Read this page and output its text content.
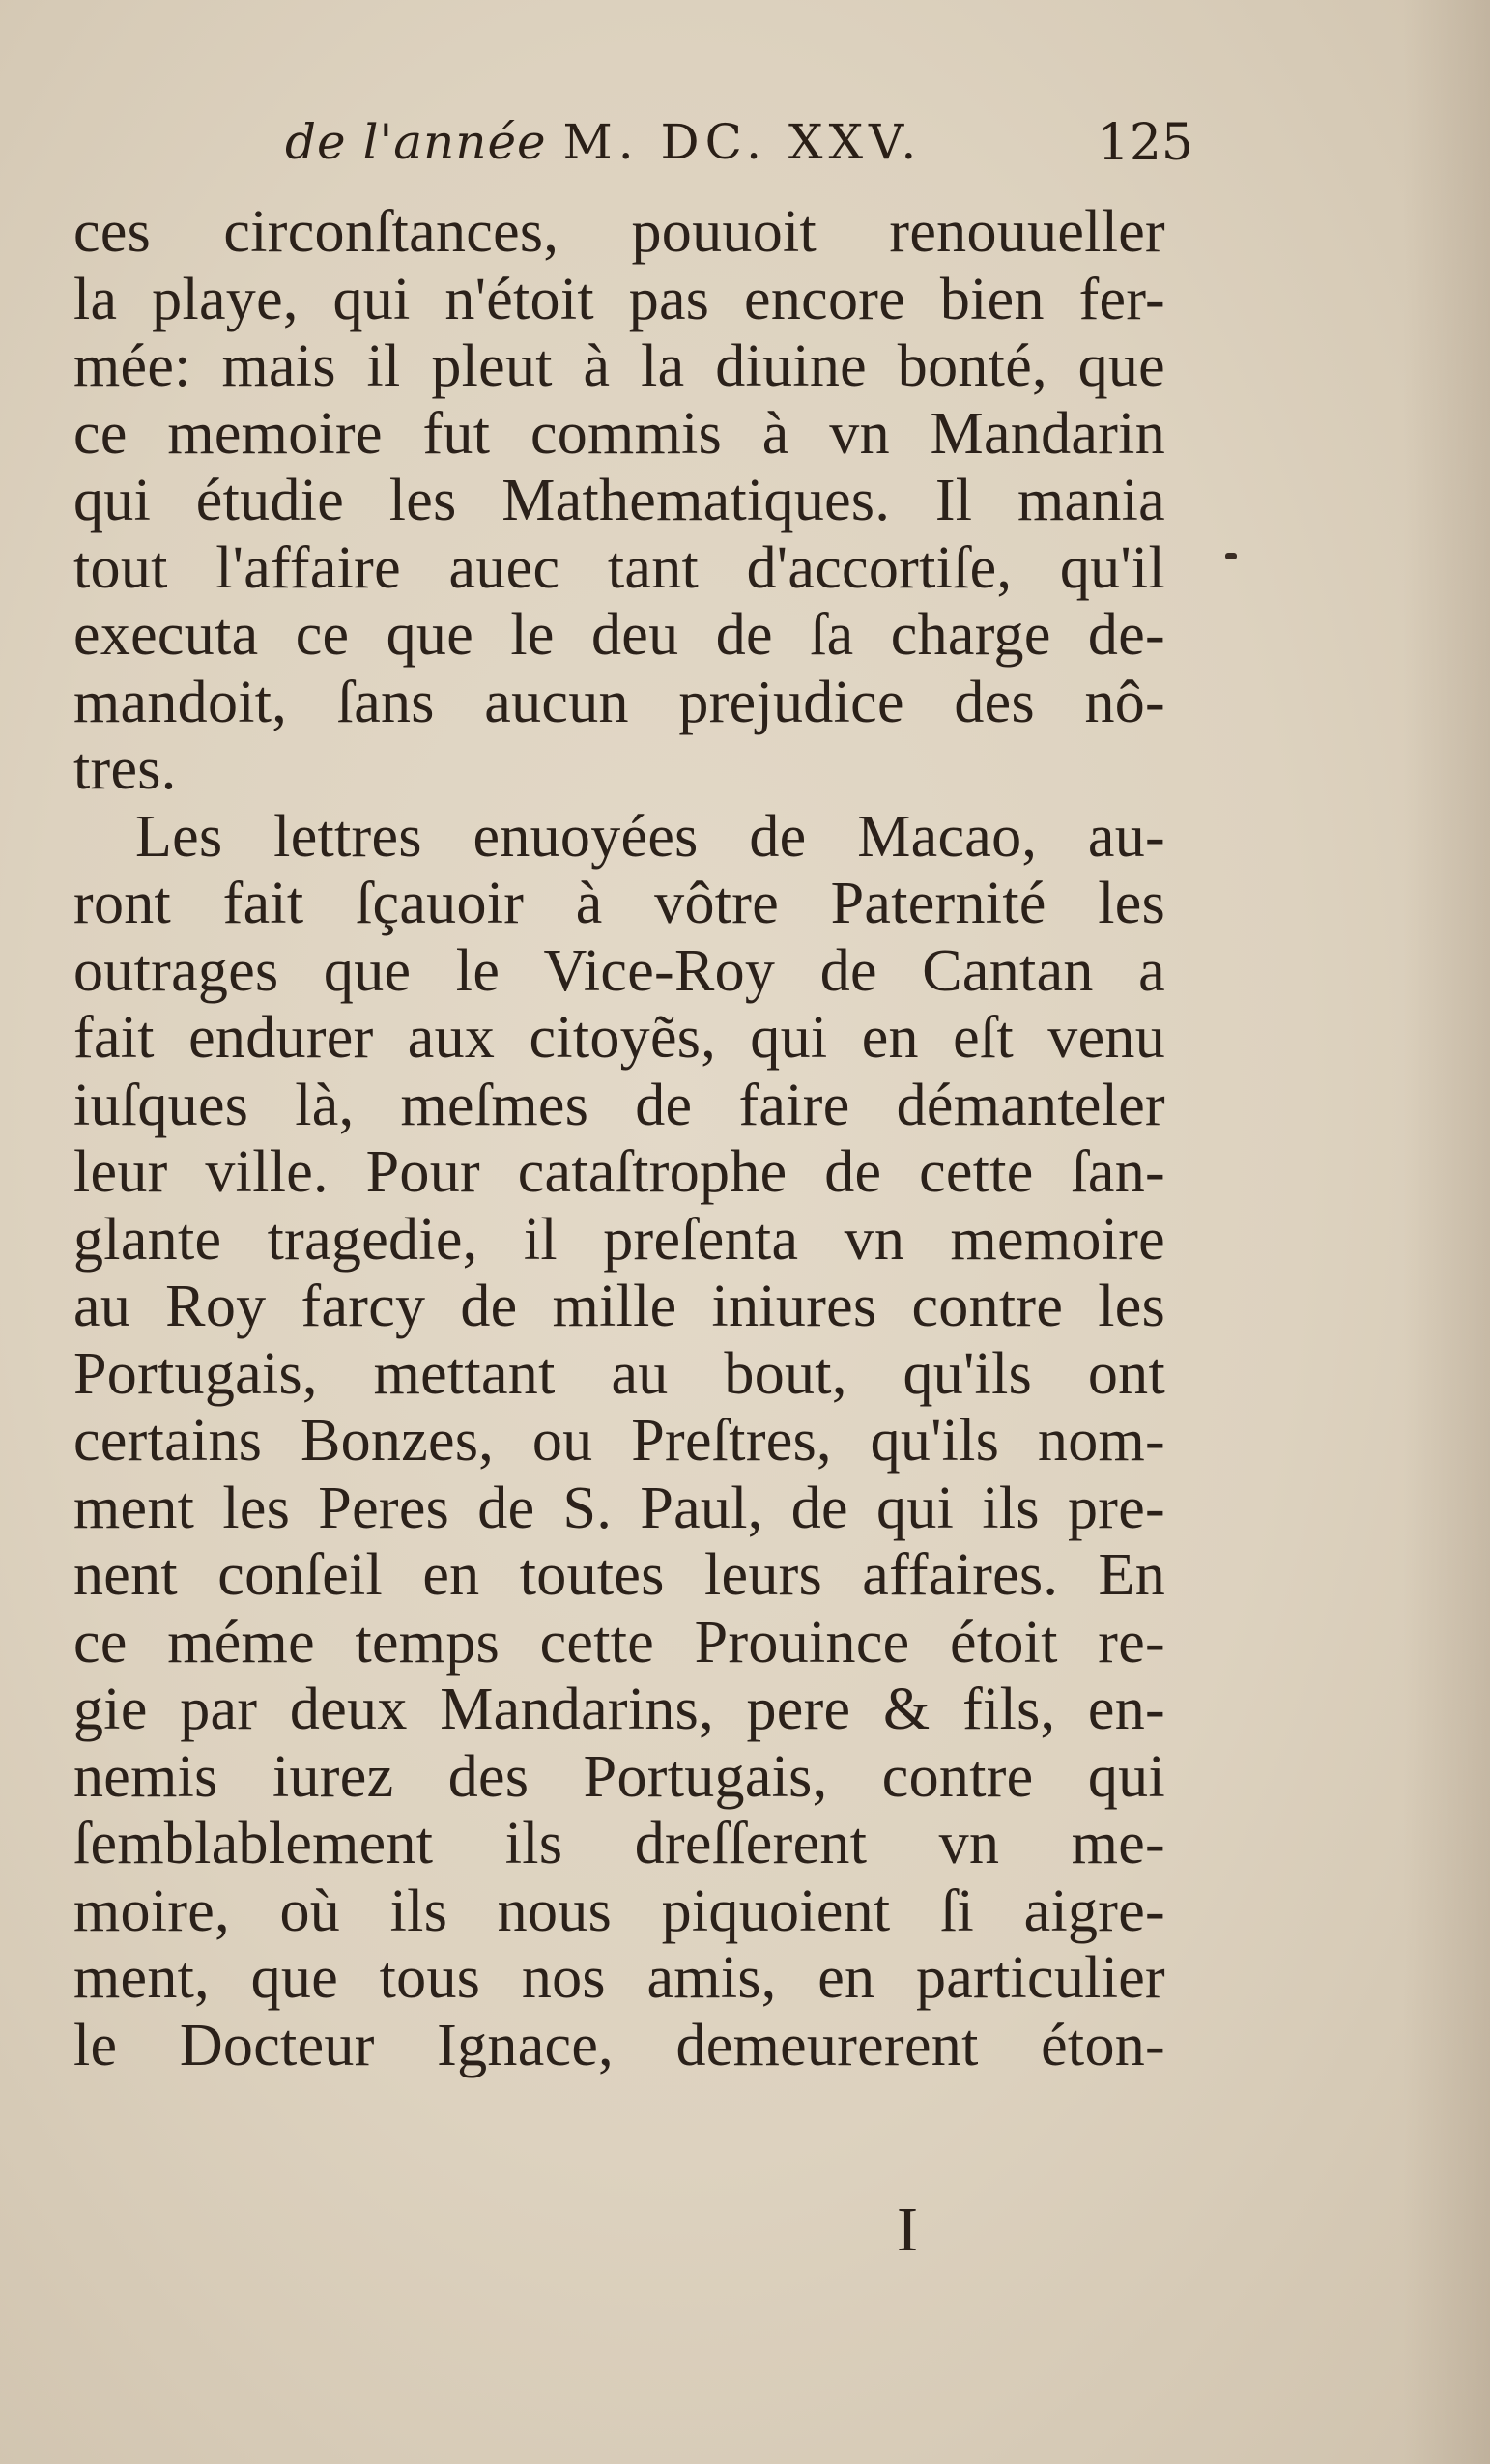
de l'année M. DC. XXV.	125
ces circonſtances, pouuoit renouueller
la playe, qui n'étoit pas encore bien fer-
mée: mais il pleut à la diuine bonté, que
ce memoire fut commis à vn Mandarin
qui étudie les Mathematiques. Il mania
tout l'affaire auec tant d'accortiſe, qu'il
executa ce que le deu de ſa charge de-
mandoit, ſans aucun prejudice des nô-
tres.
Les lettres enuoyées de Macao, au-
ront fait ſçauoir à vôtre Paternité les
outrages que le Vice-Roy de Cantan a
fait endurer aux citoyẽs, qui en eſt venu
iuſques là, meſmes de faire démanteler
leur ville. Pour cataſtrophe de cette ſan-
glante tragedie, il preſenta vn memoire
au Roy farcy de mille iniures contre les
Portugais, mettant au bout, qu'ils ont
certains Bonzes, ou Preſtres, qu'ils nom-
ment les Peres de S. Paul, de qui ils pre-
nent conſeil en toutes leurs affaires. En
ce méme temps cette Prouince étoit re-
gie par deux Mandarins, pere & fils, en-
nemis iurez des Portugais, contre qui
ſemblablement ils dreſſerent vn me-
moire, où ils nous piquoient ſi aigre-
ment, que tous nos amis, en particulier
le Docteur Ignace, demeurerent éton-
I
